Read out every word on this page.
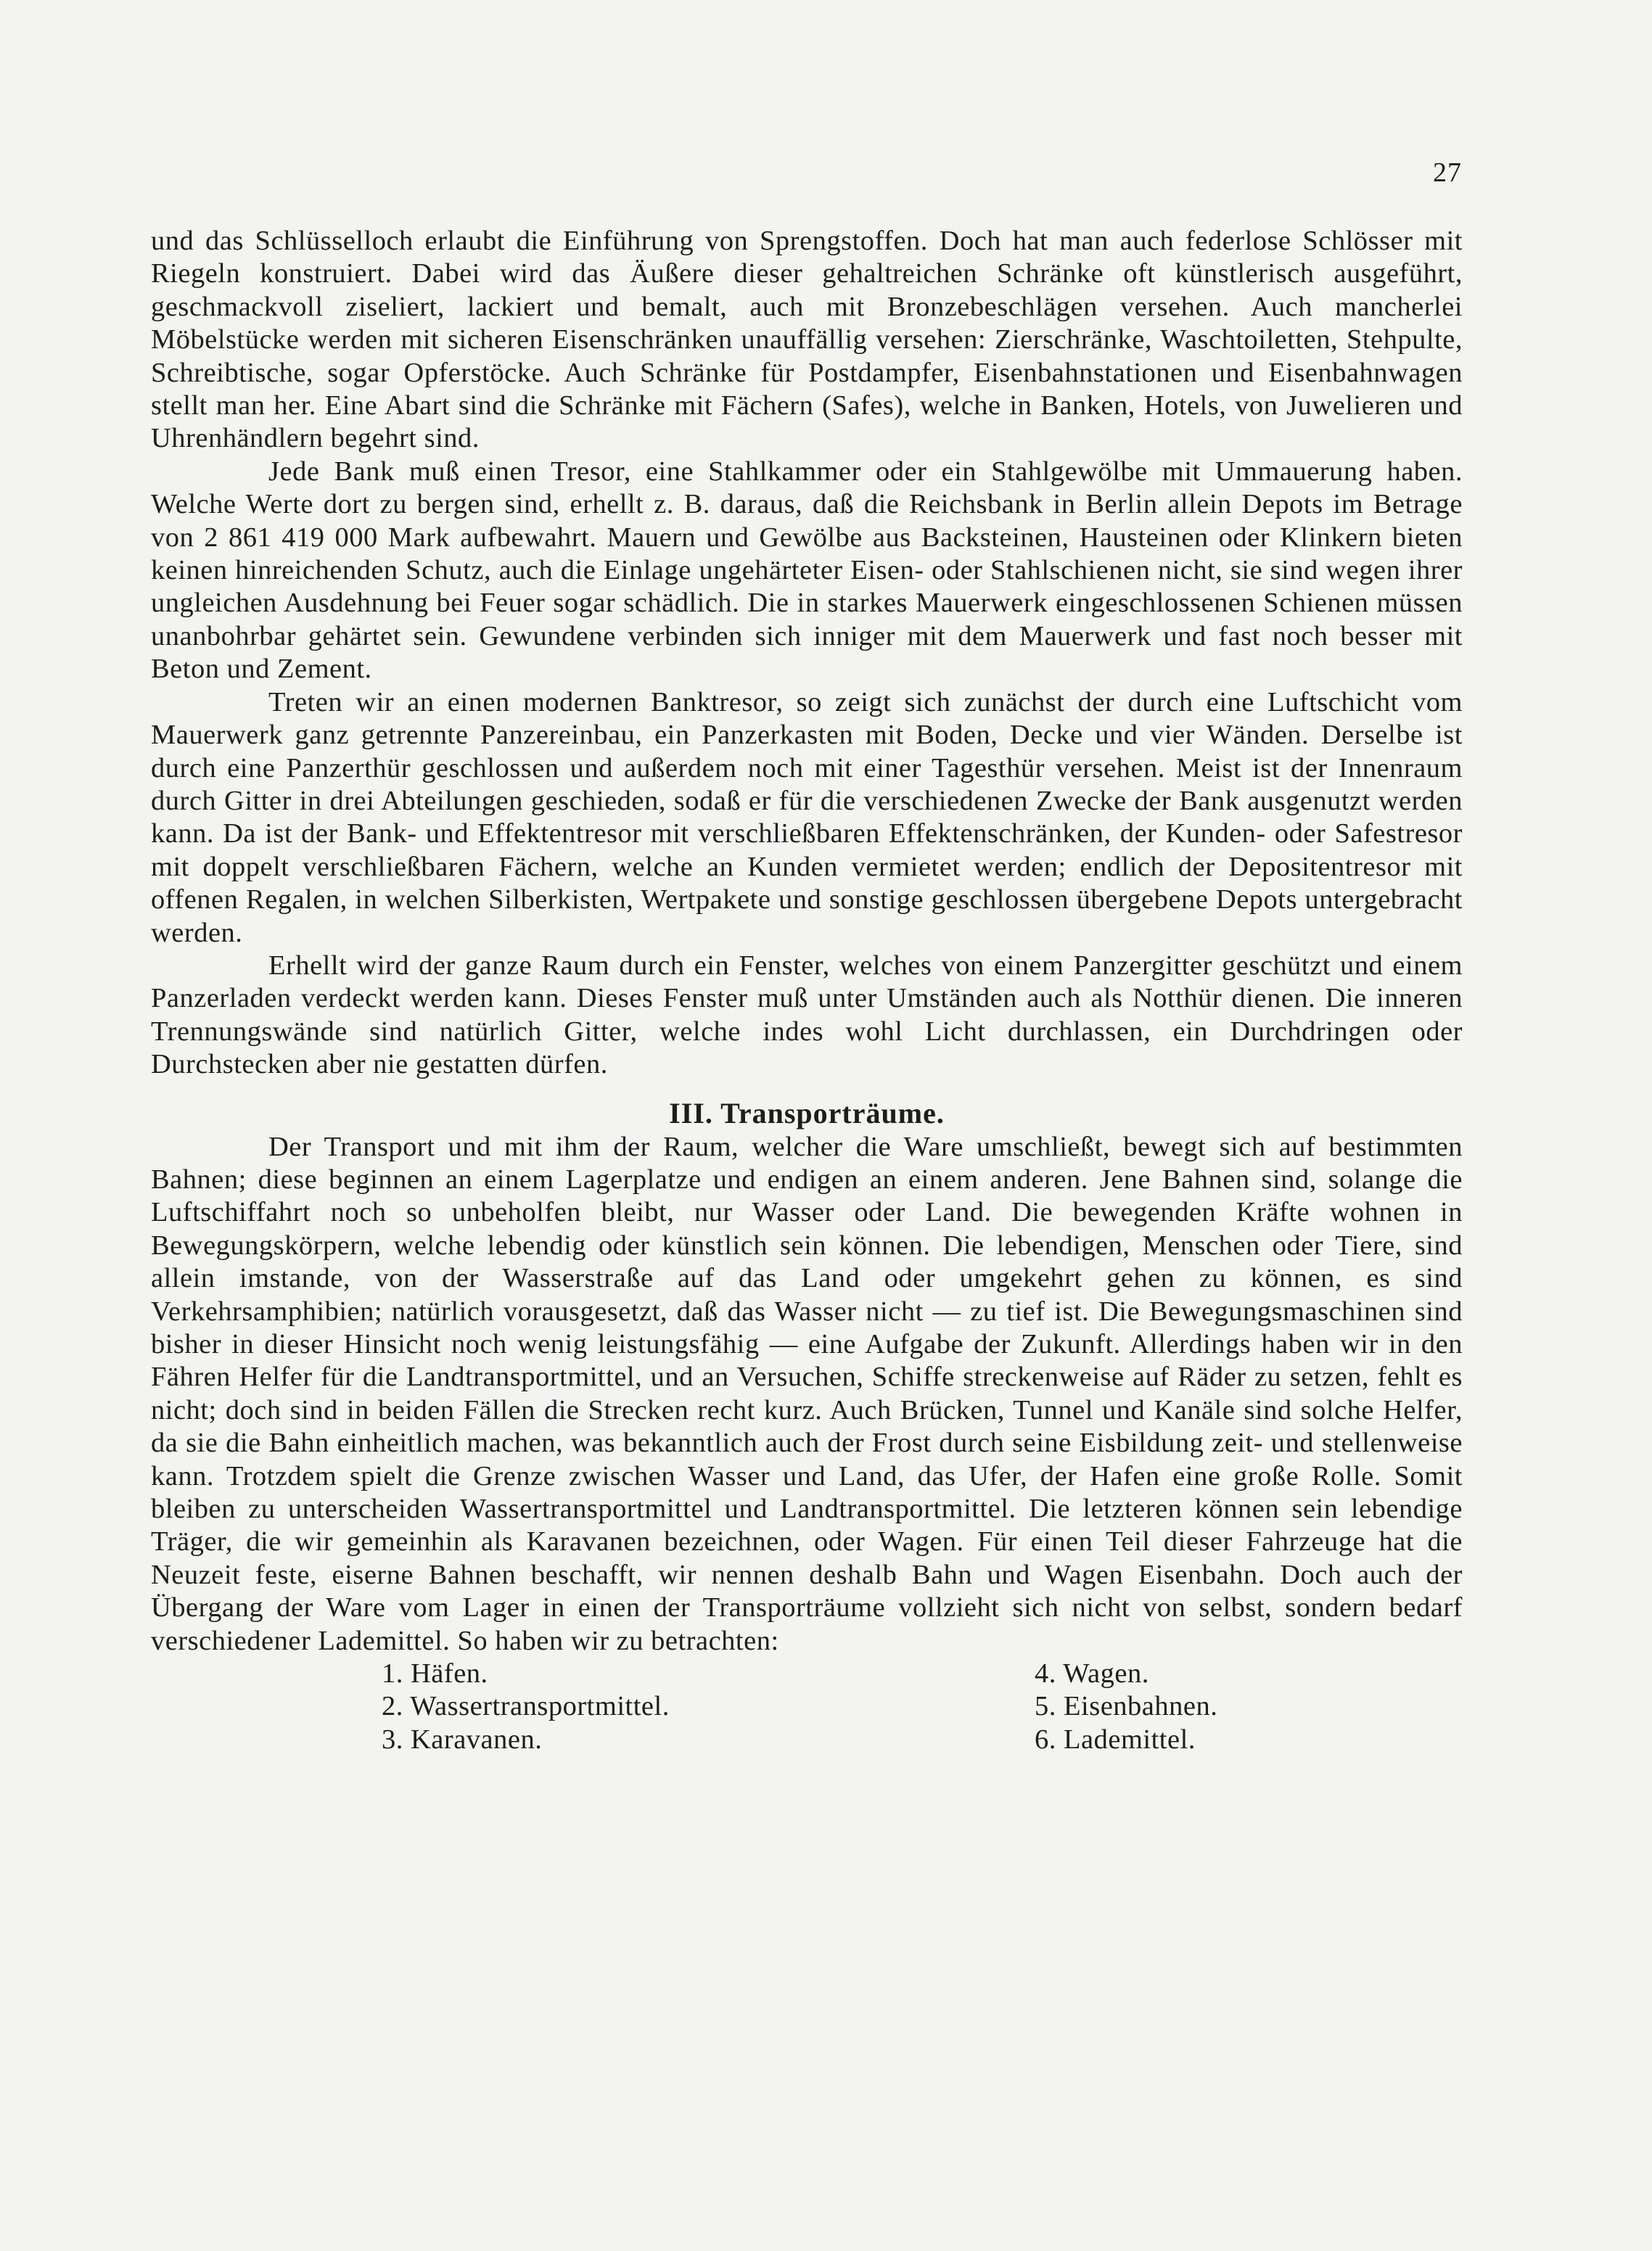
27

und das Schlüsselloch erlaubt die Einführung von Sprengstoffen. Doch hat man auch federlose Schlösser mit Riegeln konstruiert. Dabei wird das Äußere dieser gehaltreichen Schränke oft künstlerisch ausgeführt, geschmackvoll ziseliert, lackiert und bemalt, auch mit Bronzebeschlägen versehen. Auch mancherlei Möbelstücke werden mit sicheren Eisenschränken unauffällig versehen: Zierschränke, Waschtoiletten, Stehpulte, Schreibtische, sogar Opferstöcke. Auch Schränke für Postdampfer, Eisenbahnstationen und Eisenbahnwagen stellt man her. Eine Abart sind die Schränke mit Fächern (Safes), welche in Banken, Hotels, von Juwelieren und Uhrenhändlern begehrt sind.

Jede Bank muß einen Tresor, eine Stahlkammer oder ein Stahlgewölbe mit Ummauerung haben. Welche Werte dort zu bergen sind, erhellt z. B. daraus, daß die Reichsbank in Berlin allein Depots im Betrage von 2 861 419 000 Mark aufbewahrt. Mauern und Gewölbe aus Backsteinen, Hausteinen oder Klinkern bieten keinen hinreichenden Schutz, auch die Einlage ungehärteter Eisen- oder Stahlschienen nicht, sie sind wegen ihrer ungleichen Ausdehnung bei Feuer sogar schädlich. Die in starkes Mauerwerk eingeschlossenen Schienen müssen unanbohrbar gehärtet sein. Gewundene verbinden sich inniger mit dem Mauerwerk und fast noch besser mit Beton und Zement.

Treten wir an einen modernen Banktresor, so zeigt sich zunächst der durch eine Luftschicht vom Mauerwerk ganz getrennte Panzereinbau, ein Panzerkasten mit Boden, Decke und vier Wänden. Derselbe ist durch eine Panzerthür geschlossen und außerdem noch mit einer Tagesthür versehen. Meist ist der Innenraum durch Gitter in drei Abteilungen geschieden, sodaß er für die verschiedenen Zwecke der Bank ausgenutzt werden kann. Da ist der Bank- und Effektentresor mit verschließbaren Effektenschränken, der Kunden- oder Safestresor mit doppelt verschließbaren Fächern, welche an Kunden vermietet werden; endlich der Depositentresor mit offenen Regalen, in welchen Silberkisten, Wertpakete und sonstige geschlossen übergebene Depots untergebracht werden.

Erhellt wird der ganze Raum durch ein Fenster, welches von einem Panzergitter geschützt und einem Panzerladen verdeckt werden kann. Dieses Fenster muß unter Umständen auch als Notthür dienen. Die inneren Trennungswände sind natürlich Gitter, welche indes wohl Licht durchlassen, ein Durchdringen oder Durchstecken aber nie gestatten dürfen.

III. Transporträume.

Der Transport und mit ihm der Raum, welcher die Ware umschließt, bewegt sich auf bestimmten Bahnen; diese beginnen an einem Lagerplatze und endigen an einem anderen. Jene Bahnen sind, solange die Luftschiffahrt noch so unbeholfen bleibt, nur Wasser oder Land. Die bewegenden Kräfte wohnen in Bewegungskörpern, welche lebendig oder künstlich sein können. Die lebendigen, Menschen oder Tiere, sind allein imstande, von der Wasserstraße auf das Land oder umgekehrt gehen zu können, es sind Verkehrsamphibien; natürlich vorausgesetzt, daß das Wasser nicht — zu tief ist. Die Bewegungsmaschinen sind bisher in dieser Hinsicht noch wenig leistungsfähig — eine Aufgabe der Zukunft. Allerdings haben wir in den Fähren Helfer für die Landtransportmittel, und an Versuchen, Schiffe streckenweise auf Räder zu setzen, fehlt es nicht; doch sind in beiden Fällen die Strecken recht kurz. Auch Brücken, Tunnel und Kanäle sind solche Helfer, da sie die Bahn einheitlich machen, was bekanntlich auch der Frost durch seine Eisbildung zeit- und stellenweise kann. Trotzdem spielt die Grenze zwischen Wasser und Land, das Ufer, der Hafen eine große Rolle. Somit bleiben zu unterscheiden Wassertransportmittel und Landtransportmittel. Die letzteren können sein lebendige Träger, die wir gemeinhin als Karavanen bezeichnen, oder Wagen. Für einen Teil dieser Fahrzeuge hat die Neuzeit feste, eiserne Bahnen beschafft, wir nennen deshalb Bahn und Wagen Eisenbahn. Doch auch der Übergang der Ware vom Lager in einen der Transporträume vollzieht sich nicht von selbst, sondern bedarf verschiedener Lademittel. So haben wir zu betrachten:

1. Häfen.	4. Wagen.
2. Wassertransportmittel.	5. Eisenbahnen.
3. Karavanen.	6. Lademittel.
